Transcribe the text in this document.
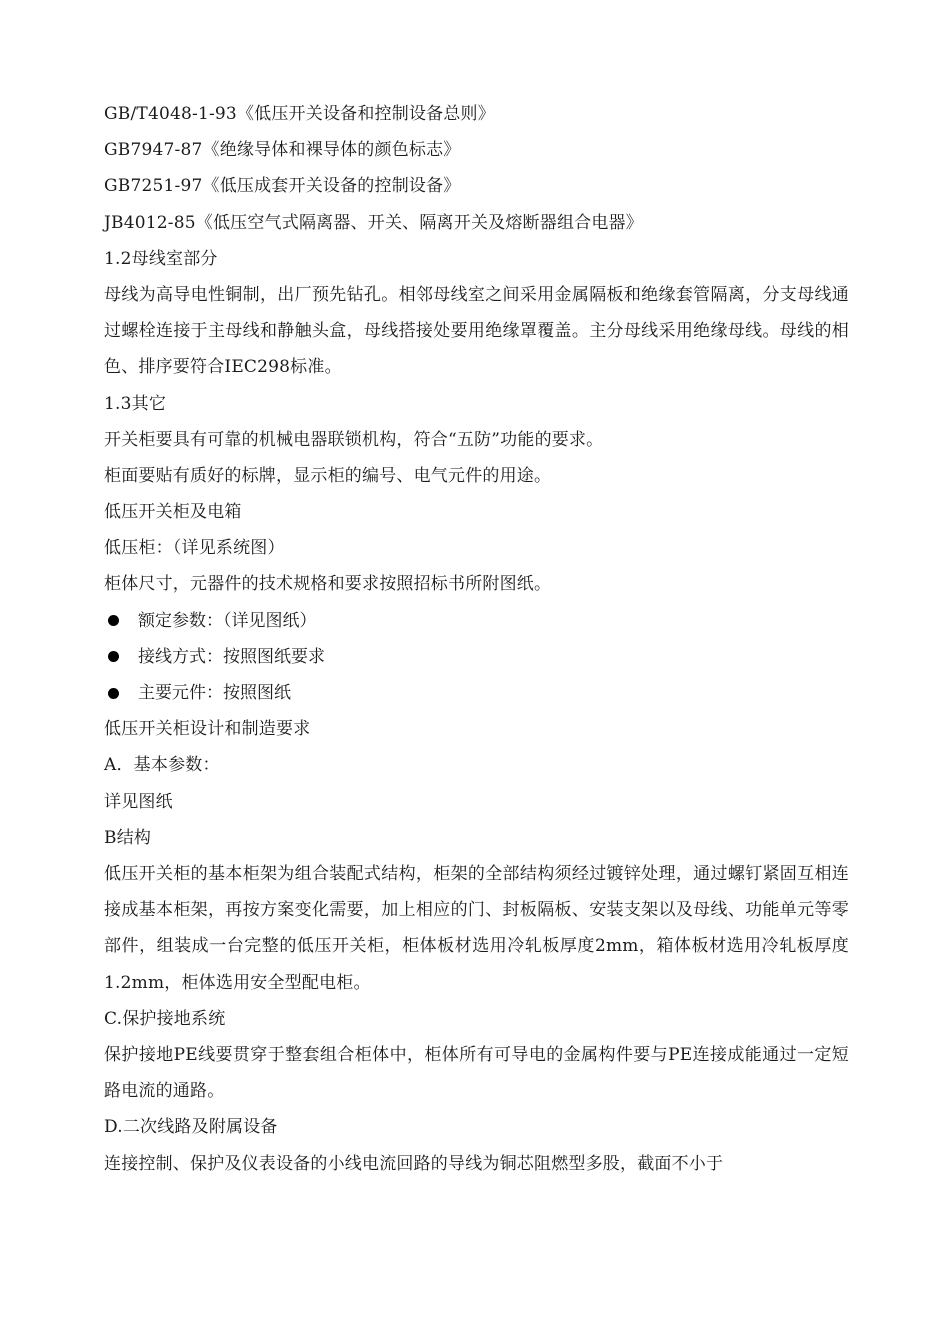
GB/T4048-1-93《低压开关设备和控制设备总则》
GB7947-87《绝缘导体和裸导体的颜色标志》
GB7251-97《低压成套开关设备的控制设备》
JB4012-85《低压空气式隔离器、开关、隔离开关及熔断器组合电器》
1.2母线室部分
母线为高导电性铜制，出厂预先钻孔。相邻母线室之间采用金属隔板和绝缘套管隔离，分支母线通过螺栓连接于主母线和静触头盒，母线搭接处要用绝缘罩覆盖。主分母线采用绝缘母线。母线的相色、排序要符合IEC298标准。
1.3其它
开关柜要具有可靠的机械电器联锁机构，符合“五防”功能的要求。
柜面要贴有质好的标牌，显示柜的编号、电气元件的用途。
低压开关柜及电箱
低压柜：（详见系统图）
柜体尺寸，元器件的技术规格和要求按照招标书所附图纸。
额定参数：（详见图纸）
接线方式：按照图纸要求
主要元件：按照图纸
低压开关柜设计和制造要求
A．基本参数：
详见图纸
B结构
低压开关柜的基本柜架为组合装配式结构，柜架的全部结构须经过镀锌处理，通过螺钉紧固互相连接成基本柜架，再按方案变化需要，加上相应的门、封板隔板、安装支架以及母线、功能单元等零部件，组装成一台完整的低压开关柜，柜体板材选用冷轧板厚度2mm，箱体板材选用冷轧板厚度1.2mm，柜体选用安全型配电柜。
C.保护接地系统
保护接地PE线要贯穿于整套组合柜体中，柜体所有可导电的金属构件要与PE连接成能通过一定短路电流的通路。
D.二次线路及附属设备
连接控制、保护及仪表设备的小线电流回路的导线为铜芯阻燃型多股，截面不小于
